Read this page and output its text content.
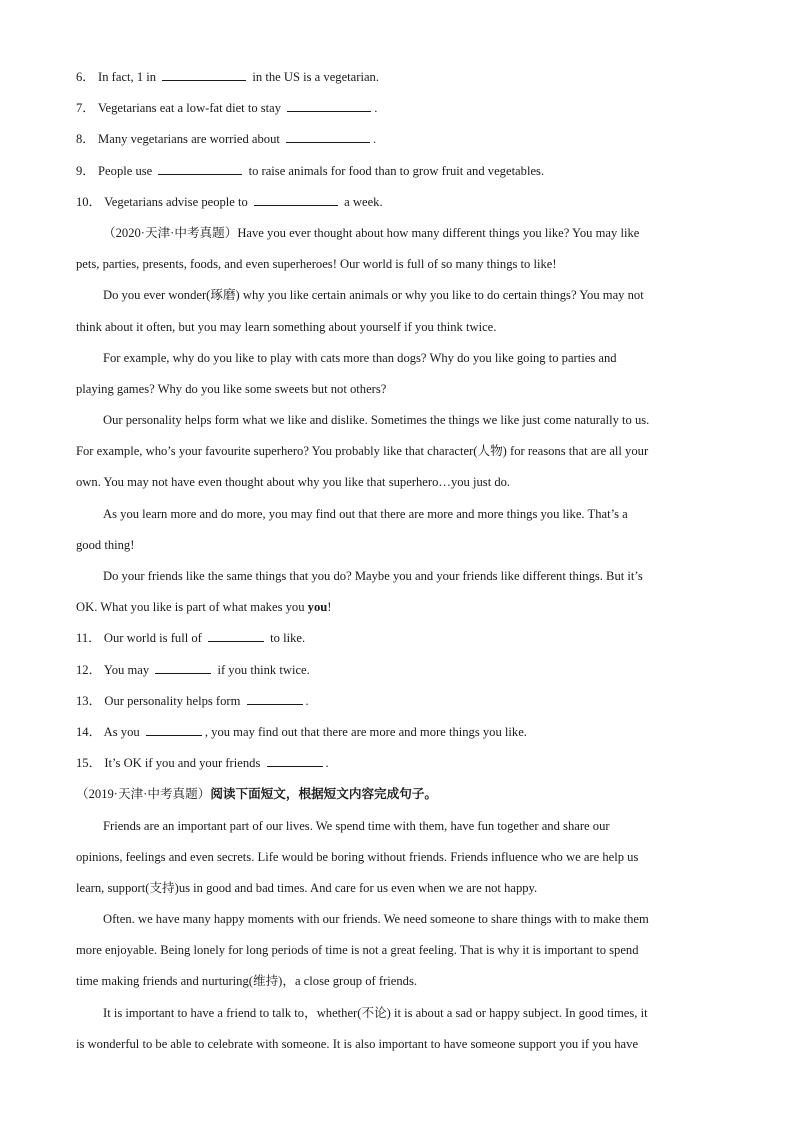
6． In fact, 1 in	in the US is a vegetarian.
7． Vegetarians eat a low-fat diet to stay	.
8． Many vegetarians are worried about	.
9． People use	to raise animals for food than to grow fruit and vegetables.
10． Vegetarians advise people to	a week.
（2020·天津·中考真题）Have you ever thought about how many different things you like? You may like
pets, parties, presents, foods, and even superheroes! Our world is full of so many things to like!
Do you ever wonder(琢磨) why you like certain animals or why you like to do certain things? You may not
think about it often, but you may learn something about yourself if you think twice.
For example, why do you like to play with cats more than dogs? Why do you like going to parties and
playing games? Why do you like some sweets but not others?
Our personality helps form what we like and dislike. Sometimes the things we like just come naturally to us.
For example, who’s your favourite superhero? You probably like that character(人物) for reasons that are all your
own. You may not have even thought about why you like that superhero…you just do.
As you learn more and do more, you may find out that there are more and more things you like. That’s a
good thing!
Do your friends like the same things that you do? Maybe you and your friends like different things. But it’s
OK. What you like is part of what makes you you!
11． Our world is full of	to like.
12． You may	if you think twice.
13． Our personality helps form	.
14． As you	, you may find out that there are more and more things you like.
15． It’s OK if you and your friends	.
（2019·天津·中考真题）阅读下面短文，根据短文内容完成句子。
Friends are an important part of our lives. We spend time with them, have fun together and share our
opinions, feelings and even secrets. Life would be boring without friends. Friends influence who we are help us
learn, support(支持)us in good and bad times. And care for us even when we are not happy.
Often. we have many happy moments with our friends. We need someone to share things with to make them
more enjoyable. Being lonely for long periods of time is not a great feeling. That is why it is important to spend
time making friends and nurturing(维持)，a close group of friends.
It is important to have a friend to talk to，whether(不论) it is about a sad or happy subject. In good times, it
is wonderful to be able to celebrate with someone. It is also important to have someone support you if you have
